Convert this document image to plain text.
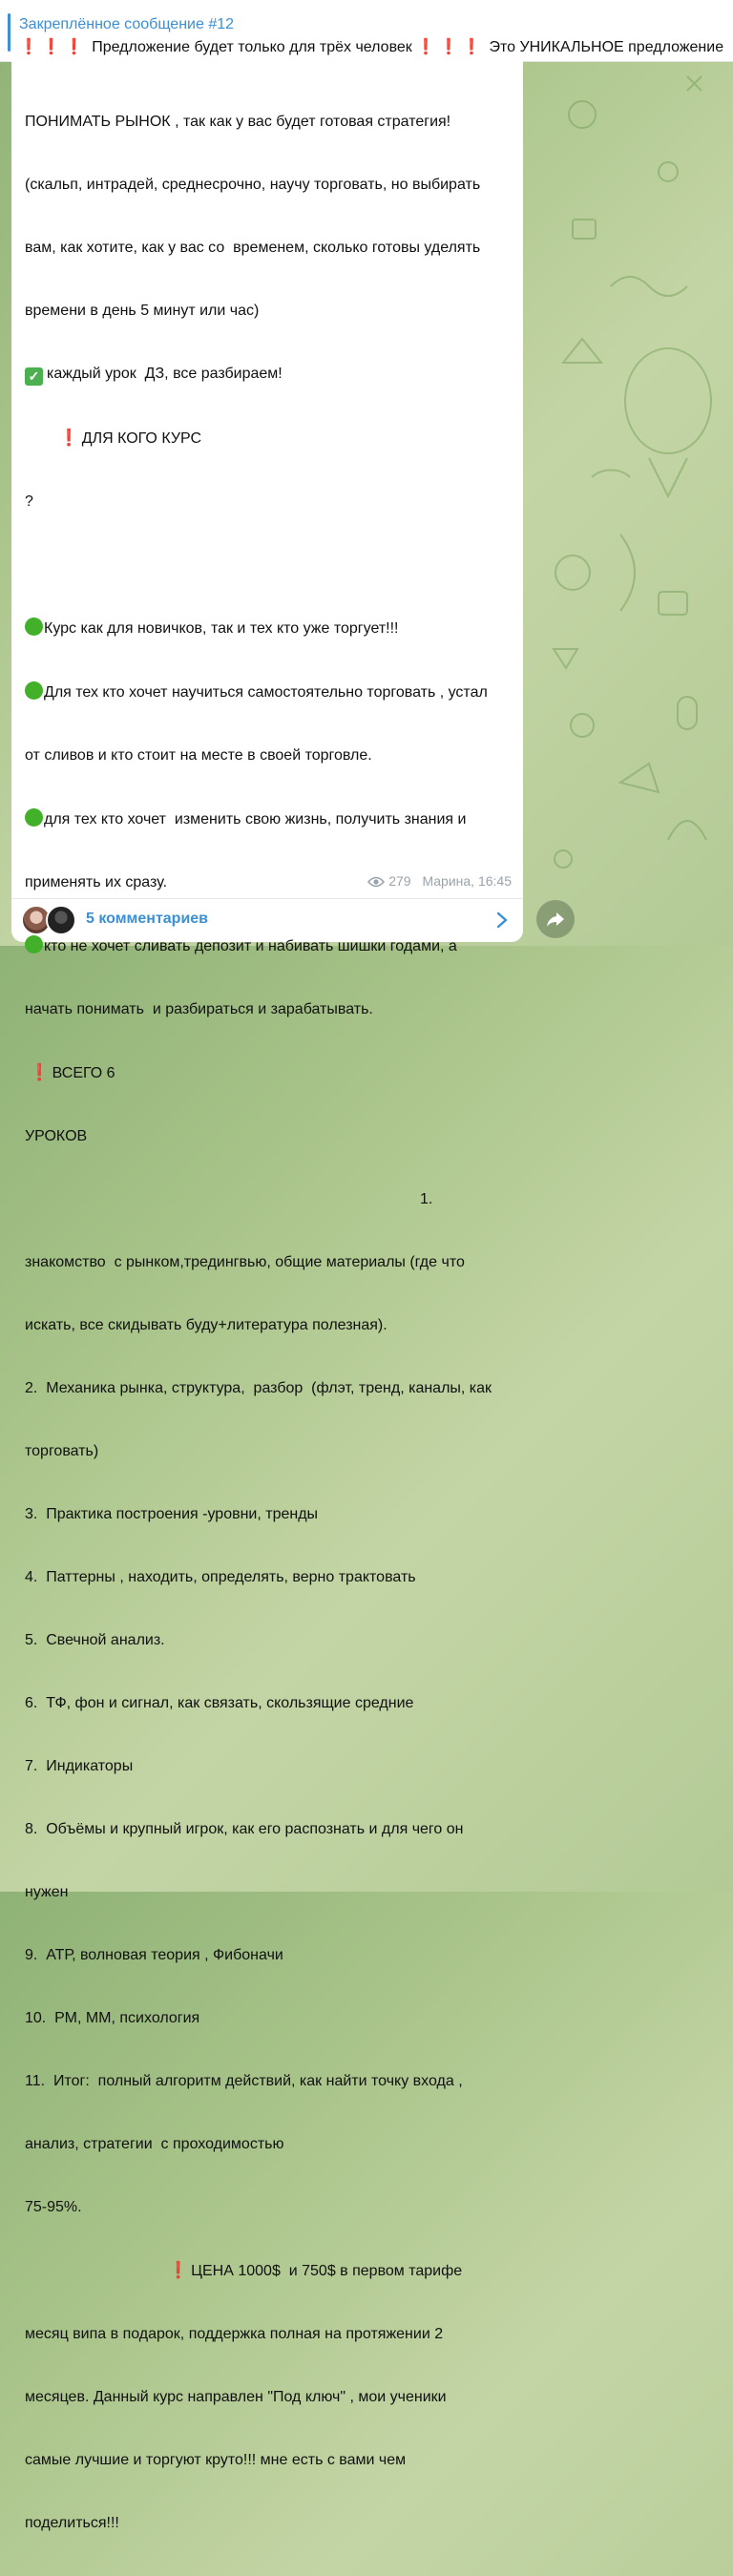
Закреплённое сообщение #12
❗❗❗ Предложение будет только для трёх человек ❗❗❗ Это УНИКАЛЬНОЕ предложение

ПОНИМАТЬ РЫНОК , так как у вас будет готовая стратегия!

(скальп, интрадей, среднесрочно, научу торговать, но выбирать

вам, как хотите, как у вас со  временем, сколько готовы уделять

времени в день 5 минут или час)

✓ каждый урок  ДЗ, все разбираем!

❗ ДЛЯ КОГО КУРС

?

Курс как для новичков, так и тех кто уже торгует!!!

Для тех кто хочет научиться самостоятельно торговать , устал

от сливов и кто стоит на месте в своей торговле.

для тех кто хочет  изменить свою жизнь, получить знания и

применять их сразу.

кто не хочет сливать депозит и набивать шишки годами, а

начать понимать  и разбираться и зарабатывать.

❗ ВСЕГО 6

УРОКОВ

1.

знакомство  с рынком,тредингвью, общие материалы (где что

искать, все скидывать буду+литература полезная).

2.  Механика рынка, структура,  разбор  (флэт, тренд, каналы, как

торговать)

3.  Практика построения -уровни, тренды

4.  Паттерны , находить, определять, верно трактовать

5.  Свечной анализ.

6.  ТФ, фон и сигнал, как связать, скользящие средние

7.  Индикаторы

8.  Объёмы и крупный игрок, как его распознать и для чего он

нужен

9.  АТР, волновая теория , Фибоначи

10.  РМ, ММ, психология

11.  Итог:  полный алгоритм действий, как найти точку входа ,

анализ, стратегии  с проходимостью

75-95%.

❗ ЦЕНА 1000$  и 750$ в первом тарифе

месяц випа в подарок, поддержка полная на протяжении 2

месяцев. Данный курс направлен "Под ключ" , мои ученики

самые лучшие и торгуют круто!!! мне есть с вами чем

поделиться!!!

279 Марина, 16:45
5 комментариев
